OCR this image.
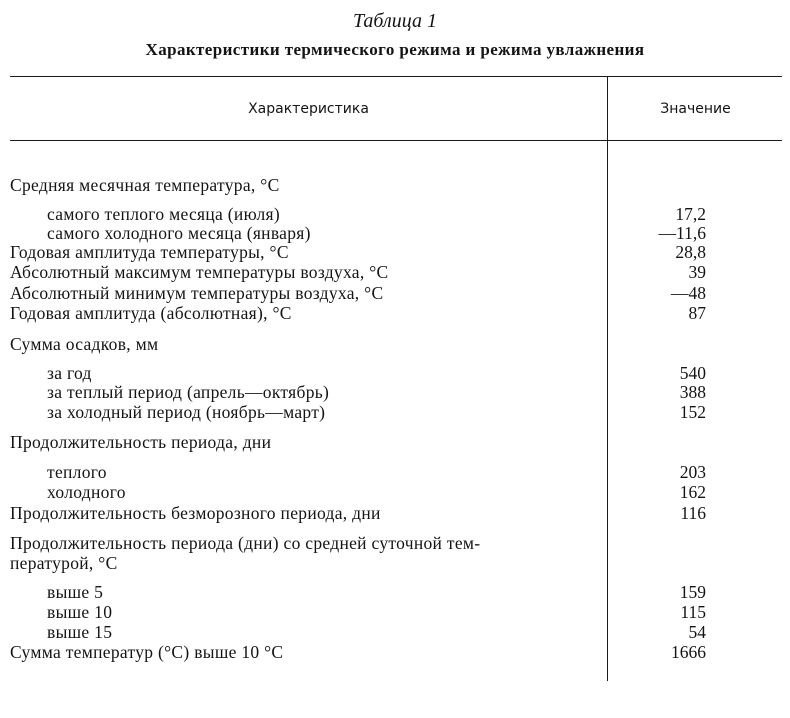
Таблица 1
Характеристики термического режима и режима увлажнения
Характеристика	Значение
Средняя месячная температура, °С
самого теплого месяца (июля)	17,2
самого холодного месяца (января)	—11,6
Годовая амплитуда температуры, °С	28,8
Абсолютный максимум температуры воздуха, °С	39
Абсолютный минимум температуры воздуха, °С	—48
Годовая амплитуда (абсолютная), °С	87
Сумма осадков, мм
за год	540
за теплый период (апрель—октябрь)	388
за холодный период (ноябрь—март)	152
Продолжительность периода, дни
теплого	203
холодного	162
Продолжительность безморозного периода, дни	116
Продолжительность периода (дни) со средней суточной тем-
пературой, °С
выше 5	159
выше 10	115
выше 15	54
Сумма температур (°С) выше 10 °С	1666
